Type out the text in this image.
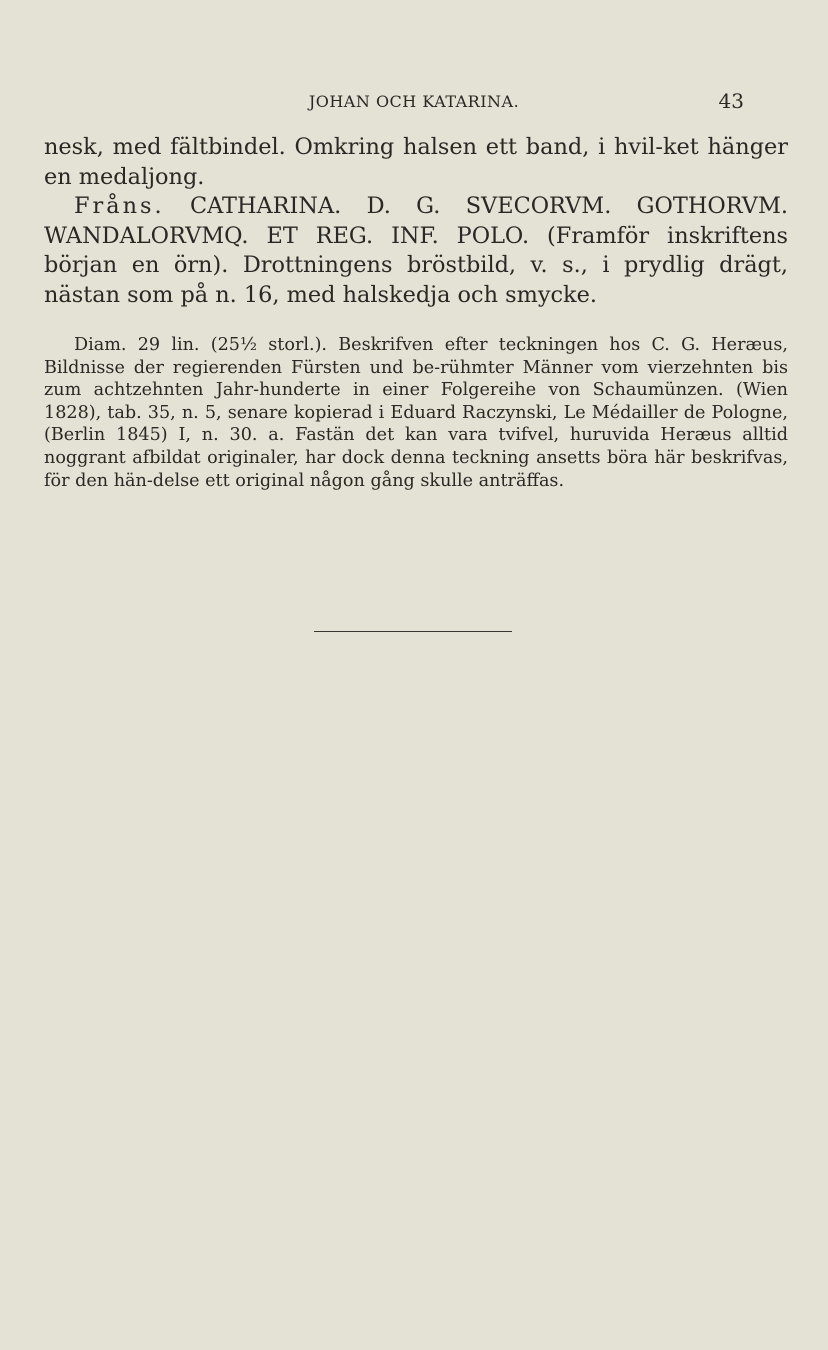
JOHAN OCH KATARINA.	43

nesk, med fältbindel. Omkring halsen ett band, i hvil-ket hänger en medaljong.

Fråns. CATHARINA. D. G. SVECORVM. GOTHORVM. WANDALORVMQ. ET REG. INF. POLO. (Framför inskriftens början en örn). Drottningens bröstbild, v. s., i prydlig drägt, nästan som på n. 16, med halskedja och smycke.

Diam. 29 lin. (25½ storl.). Beskrifven efter teckningen hos C. G. Heræus, Bildnisse der regierenden Fürsten und be-rühmter Männer vom vierzehnten bis zum achtzehnten Jahr-hunderte in einer Folgereihe von Schaumünzen. (Wien 1828), tab. 35, n. 5, senare kopierad i Eduard Raczynski, Le Médailler de Pologne, (Berlin 1845) I, n. 30. a. Fastän det kan vara tvifvel, huruvida Heræus alltid noggrant afbildat originaler, har dock denna teckning ansetts böra här beskrifvas, för den hän-delse ett original någon gång skulle anträffas.
